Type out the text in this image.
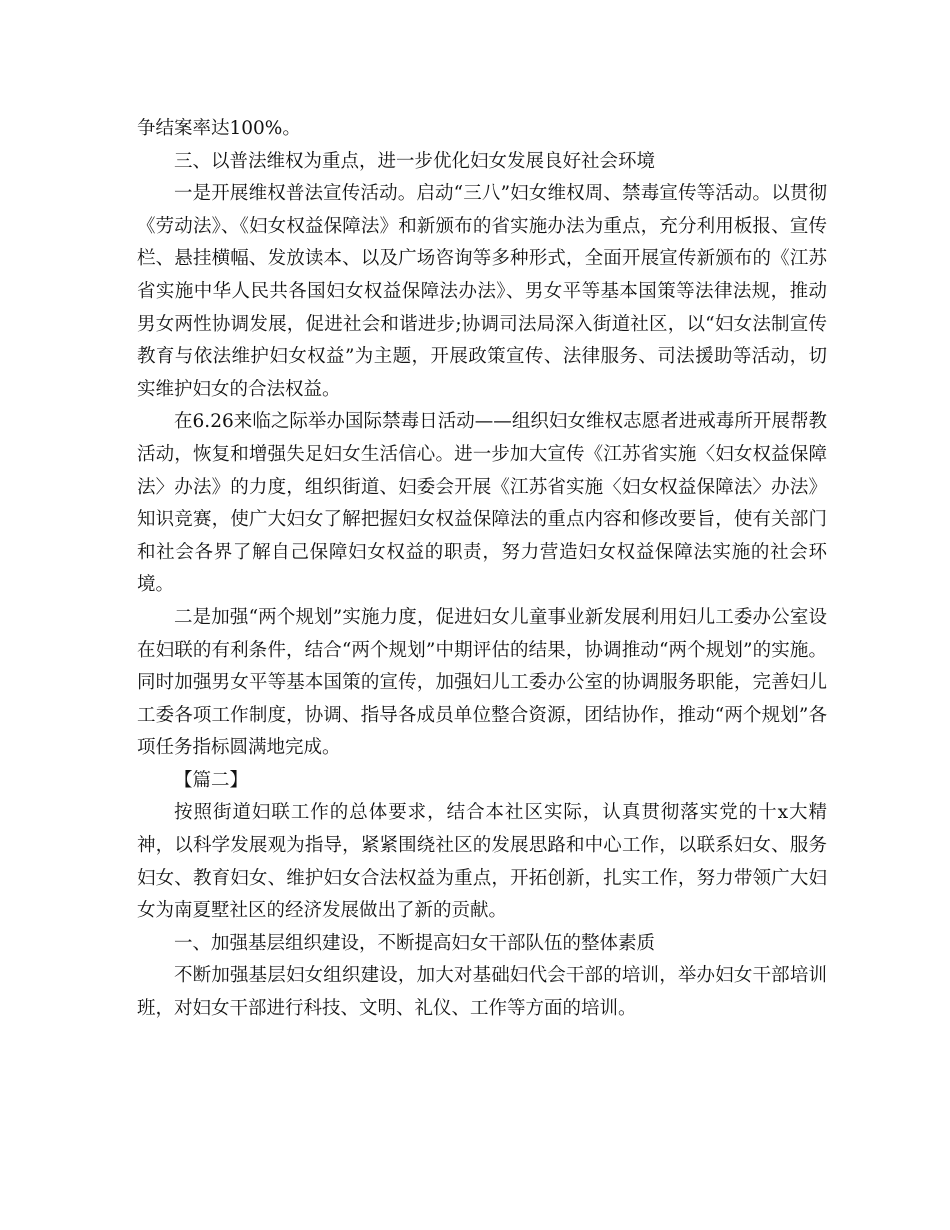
争结案率达100%。

三、以普法维权为重点，进一步优化妇女发展良好社会环境

一是开展维权普法宣传活动。启动“三八”妇女维权周、禁毒宣传等活动。以贯彻《劳动法》、《妇女权益保障法》和新颁布的省实施办法为重点，充分利用板报、宣传栏、悬挂横幅、发放读本、以及广场咨询等多种形式，全面开展宣传新颁布的《江苏省实施中华人民共各国妇女权益保障法办法》、男女平等基本国策等法律法规，推动男女两性协调发展，促进社会和谐进步;协调司法局深入街道社区，以“妇女法制宣传教育与依法维护妇女权益”为主题，开展政策宣传、法律服务、司法援助等活动，切实维护妇女的合法权益。

在6.26来临之际举办国际禁毒日活动——组织妇女维权志愿者进戒毒所开展帮教活动，恢复和增强失足妇女生活信心。进一步加大宣传《江苏省实施〈妇女权益保障法〉办法》的力度，组织街道、妇委会开展《江苏省实施〈妇女权益保障法〉办法》知识竞赛，使广大妇女了解把握妇女权益保障法的重点内容和修改要旨，使有关部门和社会各界了解自己保障妇女权益的职责，努力营造妇女权益保障法实施的社会环境。

二是加强“两个规划”实施力度，促进妇女儿童事业新发展利用妇儿工委办公室设在妇联的有利条件，结合“两个规划”中期评估的结果，协调推动“两个规划”的实施。同时加强男女平等基本国策的宣传，加强妇儿工委办公室的协调服务职能，完善妇儿工委各项工作制度，协调、指导各成员单位整合资源，团结协作，推动“两个规划”各项任务指标圆满地完成。

【篇二】

按照街道妇联工作的总体要求，结合本社区实际，认真贯彻落实党的十x大精神，以科学发展观为指导，紧紧围绕社区的发展思路和中心工作，以联系妇女、服务妇女、教育妇女、维护妇女合法权益为重点，开拓创新，扎实工作，努力带领广大妇女为南夏墅社区的经济发展做出了新的贡献。

一、加强基层组织建设，不断提高妇女干部队伍的整体素质

不断加强基层妇女组织建设，加大对基础妇代会干部的培训，举办妇女干部培训班，对妇女干部进行科技、文明、礼仪、工作等方面的培训。
